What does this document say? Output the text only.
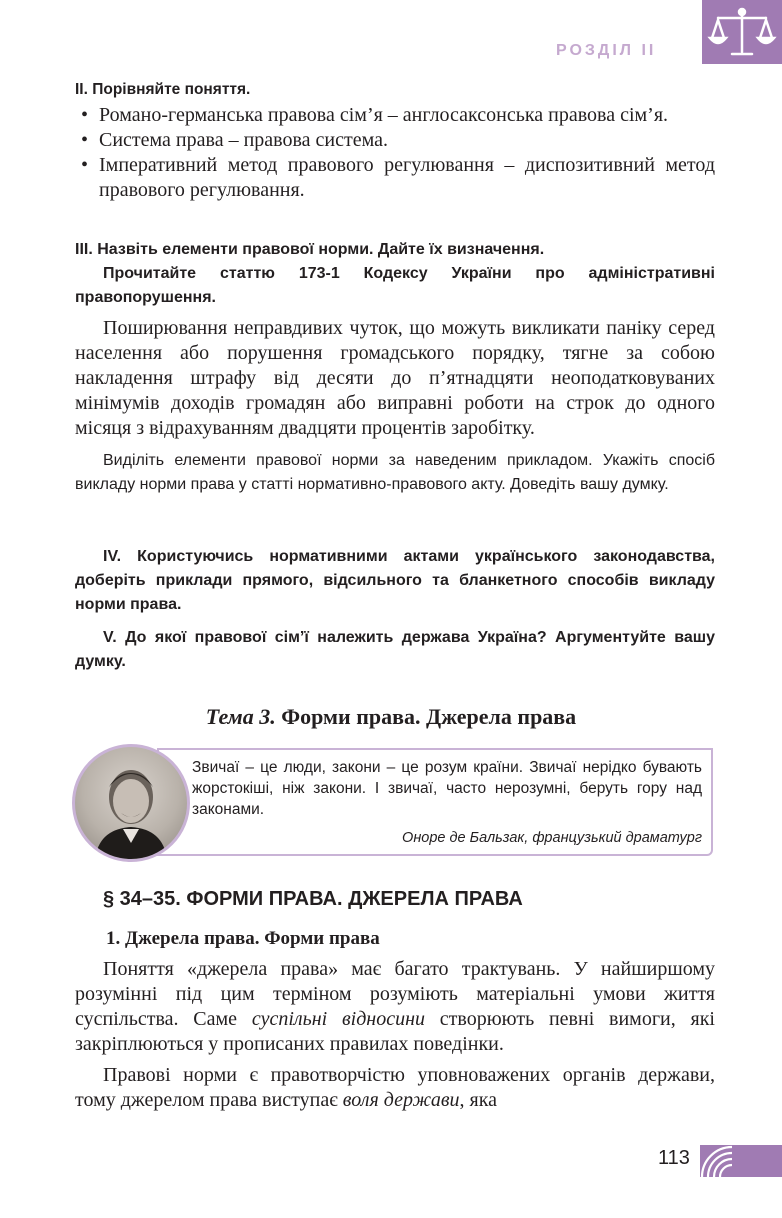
РОЗДІЛ II

II. Порівняйте поняття.

• Романо-германська правова сім’я – англосаксонська правова сім’я.
• Система права – правова система.
• Імперативний метод правового регулювання – диспозитивний метод правового регулювання.

III. Назвіть елементи правової норми. Дайте їх визначення.

Прочитайте статтю 173-1 Кодексу України про адміністративні правопорушення.

Поширювання неправдивих чуток, що можуть викликати паніку серед населення або порушення громадського порядку, тягне за собою накладення штрафу від десяти до п’ятнадцяти неоподатковуваних мінімумів доходів громадян або виправні роботи на строк до одного місяця з відрахуванням двадцяти процентів заробітку.

Виділіть елементи правової норми за наведеним прикладом. Укажіть спосіб викладу норми права у статті нормативно-правового акту. Доведіть вашу думку.

IV. Користуючись нормативними актами українського законодавства, доберіть приклади прямого, відсильного та бланкетного способів викладу норми права.

V. До якої правової сім’ї належить держава Україна? Аргументуйте вашу думку.

Тема 3. Форми права. Джерела права
Звичаї – це люди, закони – це розум країни. Звичаї нерідко бувають жорстокіші, ніж закони. І звичаї, часто нерозумні, беруть гору над законами.
Оноре де Бальзак, французький драматург
§ 34–35. ФОРМИ ПРАВА. ДЖЕРЕЛА ПРАВА
1. Джерела права. Форми права

Поняття «джерела права» має багато трактувань. У найширшому розумінні під цим терміном розуміють матеріальні умови життя суспільства. Саме суспільні відносини створюють певні вимоги, які закріплюються у прописаних правилах поведінки.

Правові норми є правотворчістю уповноважених органів держави, тому джерелом права виступає воля держави, яка

113
